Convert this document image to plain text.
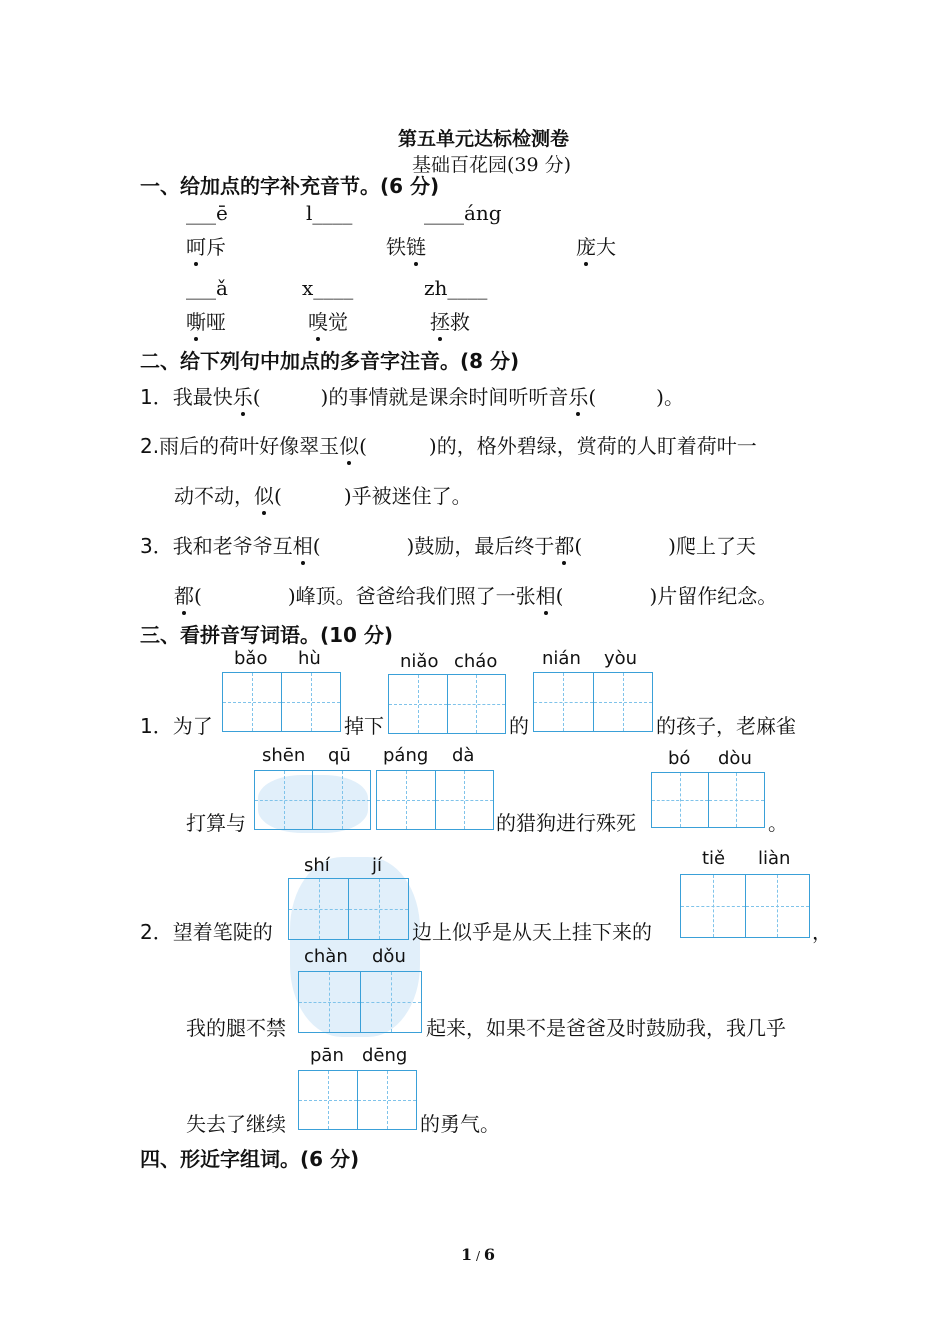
第五单元达标检测卷
基础百花园(39 分)
一、给加点的字补充音节。(6 分)
___ē	l____	____áng
呵斥	铁链	庞大
___ǎ	x____	zh____
嘶哑	嗅觉	拯救
二、给下列句中加点的多音字注音。(8 分)
1．我最快乐(	)的事情就是课余时间听听音乐(	)。
2.雨后的荷叶好像翠玉似(	)的，格外碧绿，赏荷的人盯着荷叶一
动不动，似(	)乎被迷住了。
3．我和老爷爷互相(	)鼓励，最后终于都(	)爬上了天
都(	)峰顶。爸爸给我们照了一张相(	)片留作纪念。
三、看拼音写词语。(10 分)
bǎo hù	niǎo cháo nián yòu
1．为了	掉下	的	的孩子，老麻雀
shēn qū páng dà	bó dòu
打算与	的猎狗进行殊死	。
shí jí	tiě liàn
2．望着笔陡的	边上似乎是从天上挂下来的	，
chàn dǒu
我的腿不禁	起来，如果不是爸爸及时鼓励我，我几乎
pān dēng
失去了继续	的勇气。
四、形近字组词。(6 分)
1 / 6
